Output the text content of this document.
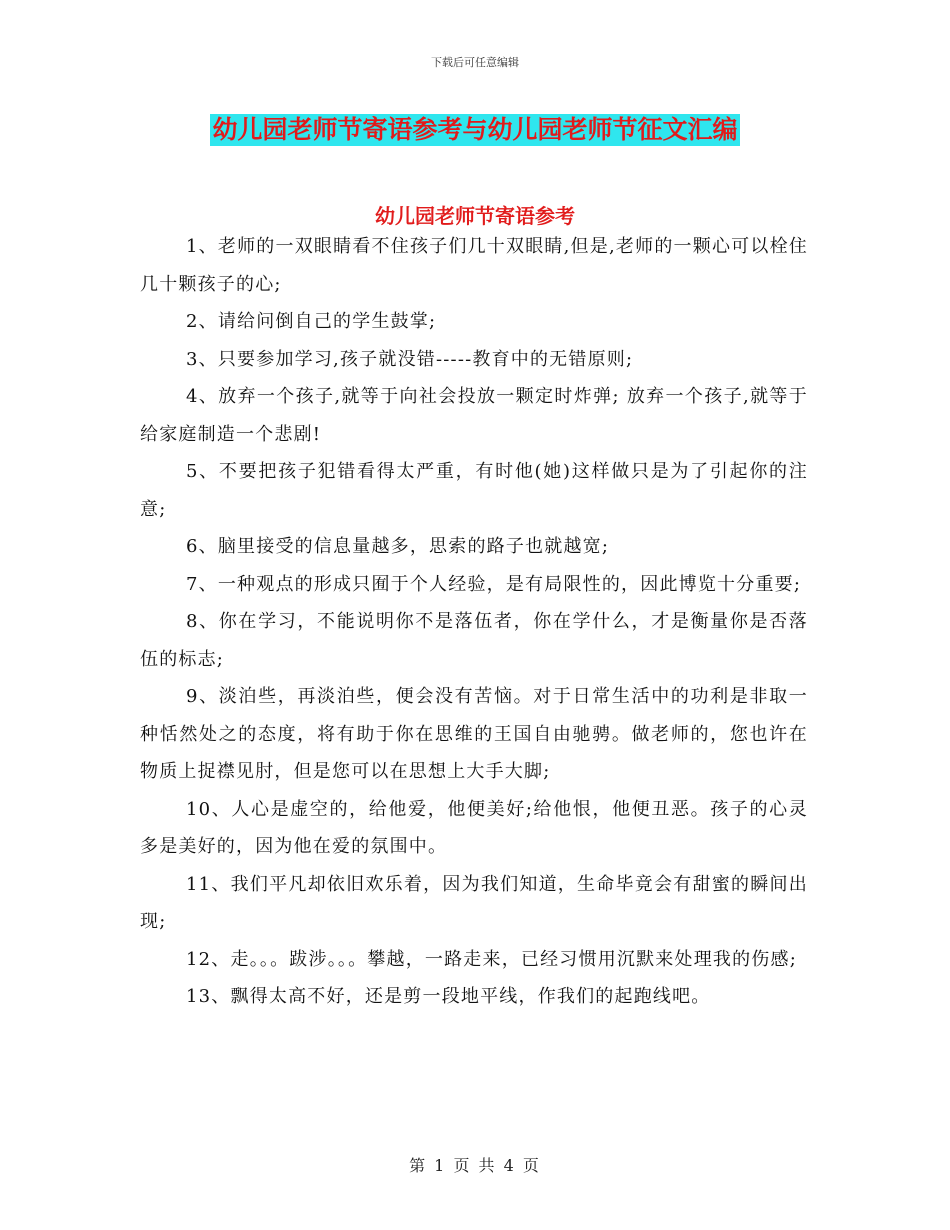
下载后可任意编辑
幼儿园老师节寄语参考与幼儿园老师节征文汇编
幼儿园老师节寄语参考

1、老师的一双眼睛看不住孩子们几十双眼睛,但是,老师的一颗心可以栓住几十颗孩子的心;

2、请给问倒自己的学生鼓掌;

3、只要参加学习,孩子就没错-----教育中的无错原则;

4、放弃一个孩子,就等于向社会投放一颗定时炸弹; 放弃一个孩子,就等于给家庭制造一个悲剧!

5、不要把孩子犯错看得太严重，有时他(她)这样做只是为了引起你的注意;

6、脑里接受的信息量越多，思索的路子也就越宽;

7、一种观点的形成只囿于个人经验，是有局限性的，因此博览十分重要;

8、你在学习，不能说明你不是落伍者，你在学什么，才是衡量你是否落伍的标志;

9、淡泊些，再淡泊些，便会没有苦恼。对于日常生活中的功利是非取一种恬然处之的态度，将有助于你在思维的王国自由驰骋。做老师的，您也许在物质上捉襟见肘，但是您可以在思想上大手大脚;

10、人心是虚空的，给他爱，他便美好;给他恨，他便丑恶。孩子的心灵多是美好的，因为他在爱的氛围中。

11、我们平凡却依旧欢乐着，因为我们知道，生命毕竟会有甜蜜的瞬间出现;

12、走。。。跋涉。。。攀越，一路走来，已经习惯用沉默来处理我的伤感;

13、飘得太高不好，还是剪一段地平线，作我们的起跑线吧。

第 1 页 共 4 页
